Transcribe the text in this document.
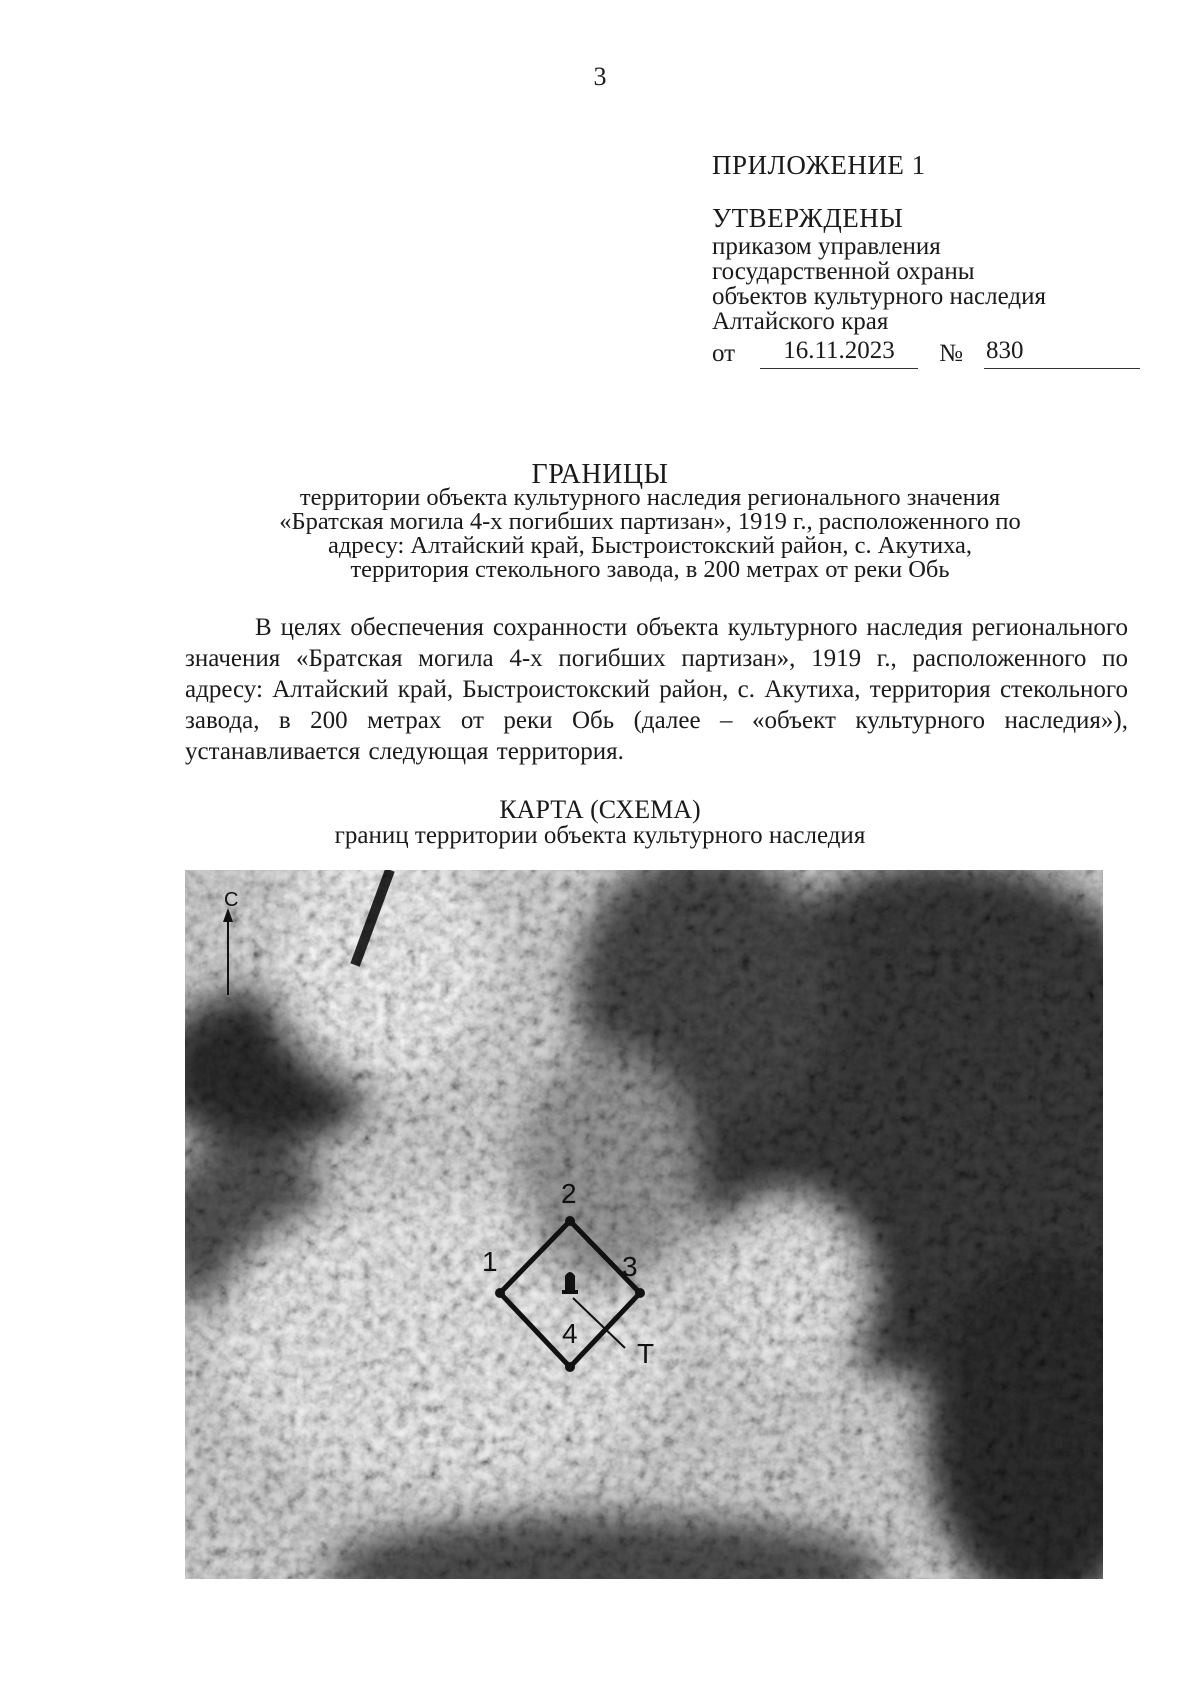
3
ПРИЛОЖЕНИЕ 1
УТВЕРЖДЕНЫ
приказом управления
государственной охраны
объектов культурного наследия
Алтайского края
от	16.11.2023	№ 830
ГРАНИЦЫ
территории объекта культурного наследия регионального значения
«Братская могила 4-х погибших партизан», 1919 г., расположенного по
адресу: Алтайский край, Быстроистокский район, с. Акутиха,
территория стекольного завода, в 200 метрах от реки Обь
В целях обеспечения сохранности объекта культурного наследия регионального значения «Братская могила 4-х погибших партизан», 1919 г., расположенного по адресу: Алтайский край, Быстроистокский район, с. Акутиха, территория стекольного завода, в 200 метрах от реки Обь (далее – «объект культурного наследия»), устанавливается следующая территория.
КАРТА (СХЕМА)
границ территории объекта культурного наследия
С
1
2
3
4
Т
